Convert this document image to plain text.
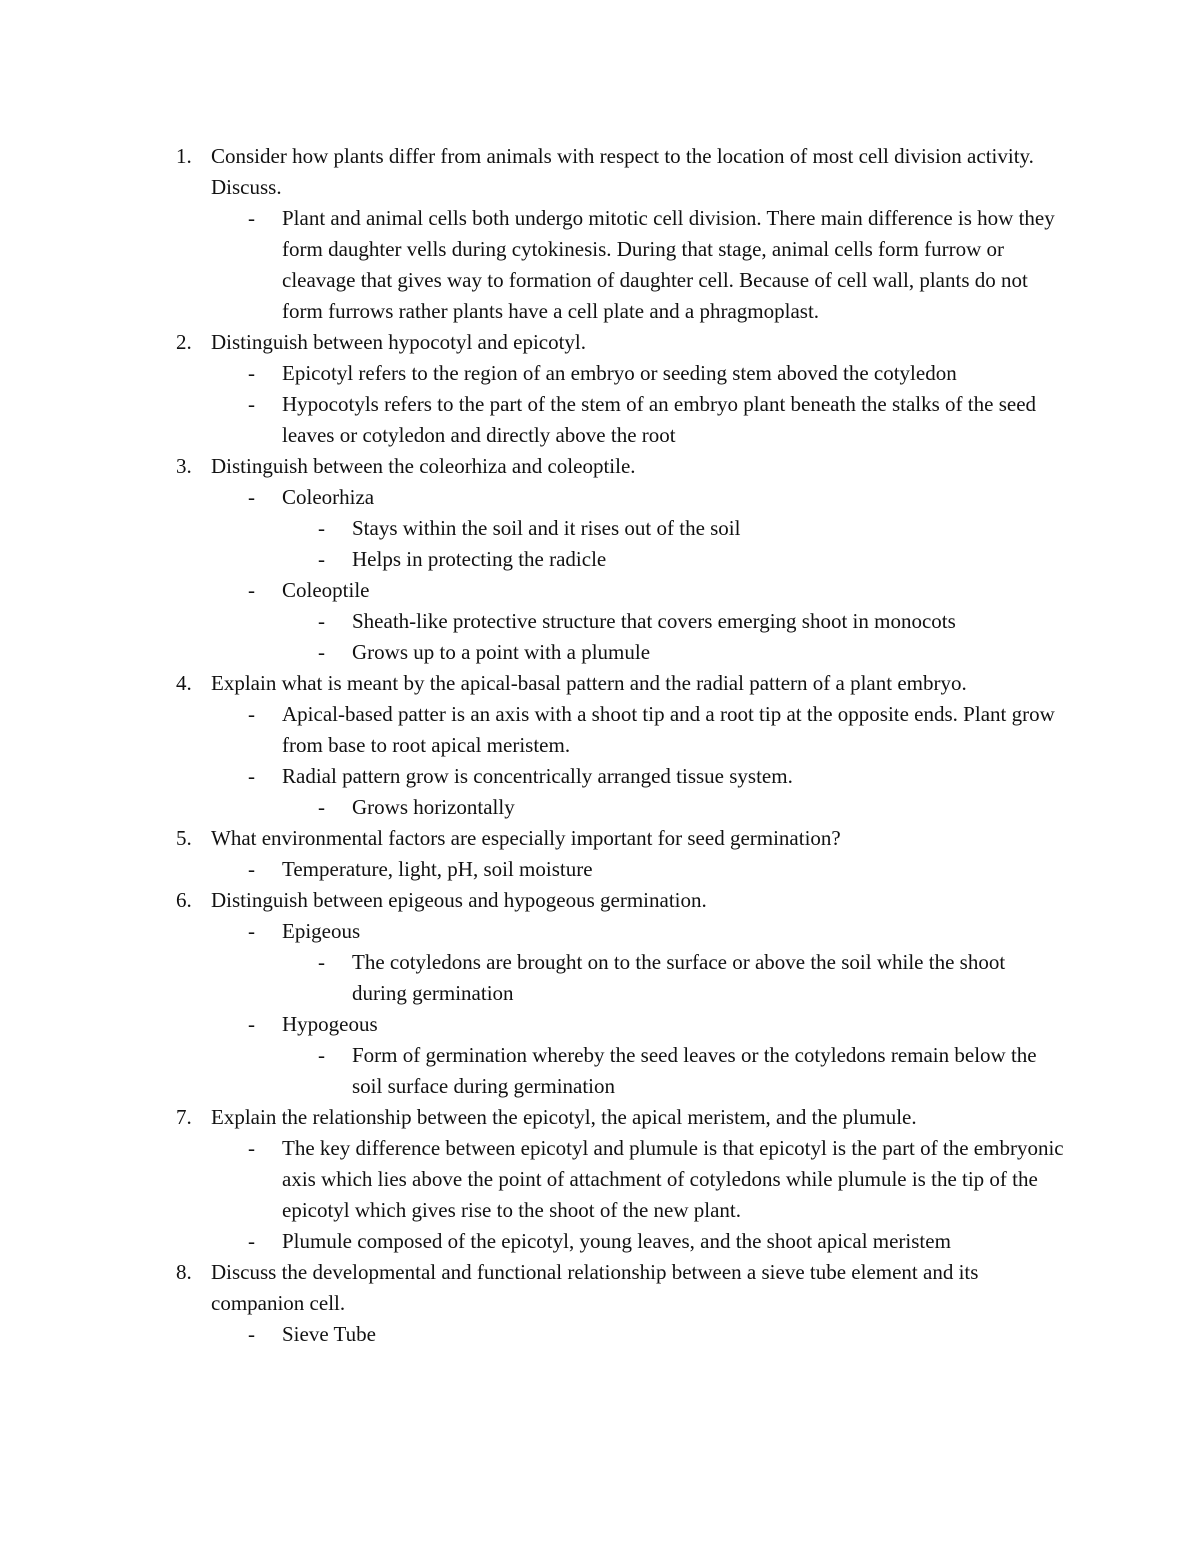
1. Consider how plants differ from animals with respect to the location of most cell division activity. Discuss.
- Plant and animal cells both undergo mitotic cell division. There main difference is how they form daughter vells during cytokinesis. During that stage, animal cells form furrow or cleavage that gives way to formation of daughter cell. Because of cell wall, plants do not form furrows rather plants have a cell plate and a phragmoplast.
2. Distinguish between hypocotyl and epicotyl.
- Epicotyl refers to the region of an embryo or seeding stem aboved the cotyledon
- Hypocotyls refers to the part of the stem of an embryo plant beneath the stalks of the seed leaves or cotyledon and directly above the root
3. Distinguish between the coleorhiza and coleoptile.
- Coleorhiza
- Stays within the soil and it rises out of the soil
- Helps in protecting the radicle
- Coleoptile
- Sheath-like protective structure that covers emerging shoot in monocots
- Grows up to a point with a plumule
4. Explain what is meant by the apical-basal pattern and the radial pattern of a plant embryo.
- Apical-based patter is an axis with a shoot tip and a root tip at the opposite ends. Plant grow from base to root apical meristem.
- Radial pattern grow is concentrically arranged tissue system.
- Grows horizontally
5. What environmental factors are especially important for seed germination?
- Temperature, light, pH, soil moisture
6. Distinguish between epigeous and hypogeous germination.
- Epigeous
- The cotyledons are brought on to the surface or above the soil while the shoot during germination
- Hypogeous
- Form of germination whereby the seed leaves or the cotyledons remain below the soil surface during germination
7. Explain the relationship between the epicotyl, the apical meristem, and the plumule.
- The key difference between epicotyl and plumule is that epicotyl is the part of the embryonic axis which lies above the point of attachment of cotyledons while plumule is the tip of the epicotyl which gives rise to the shoot of the new plant.
- Plumule composed of the epicotyl, young leaves, and the shoot apical meristem
8. Discuss the developmental and functional relationship between a sieve tube element and its companion cell.
- Sieve Tube
